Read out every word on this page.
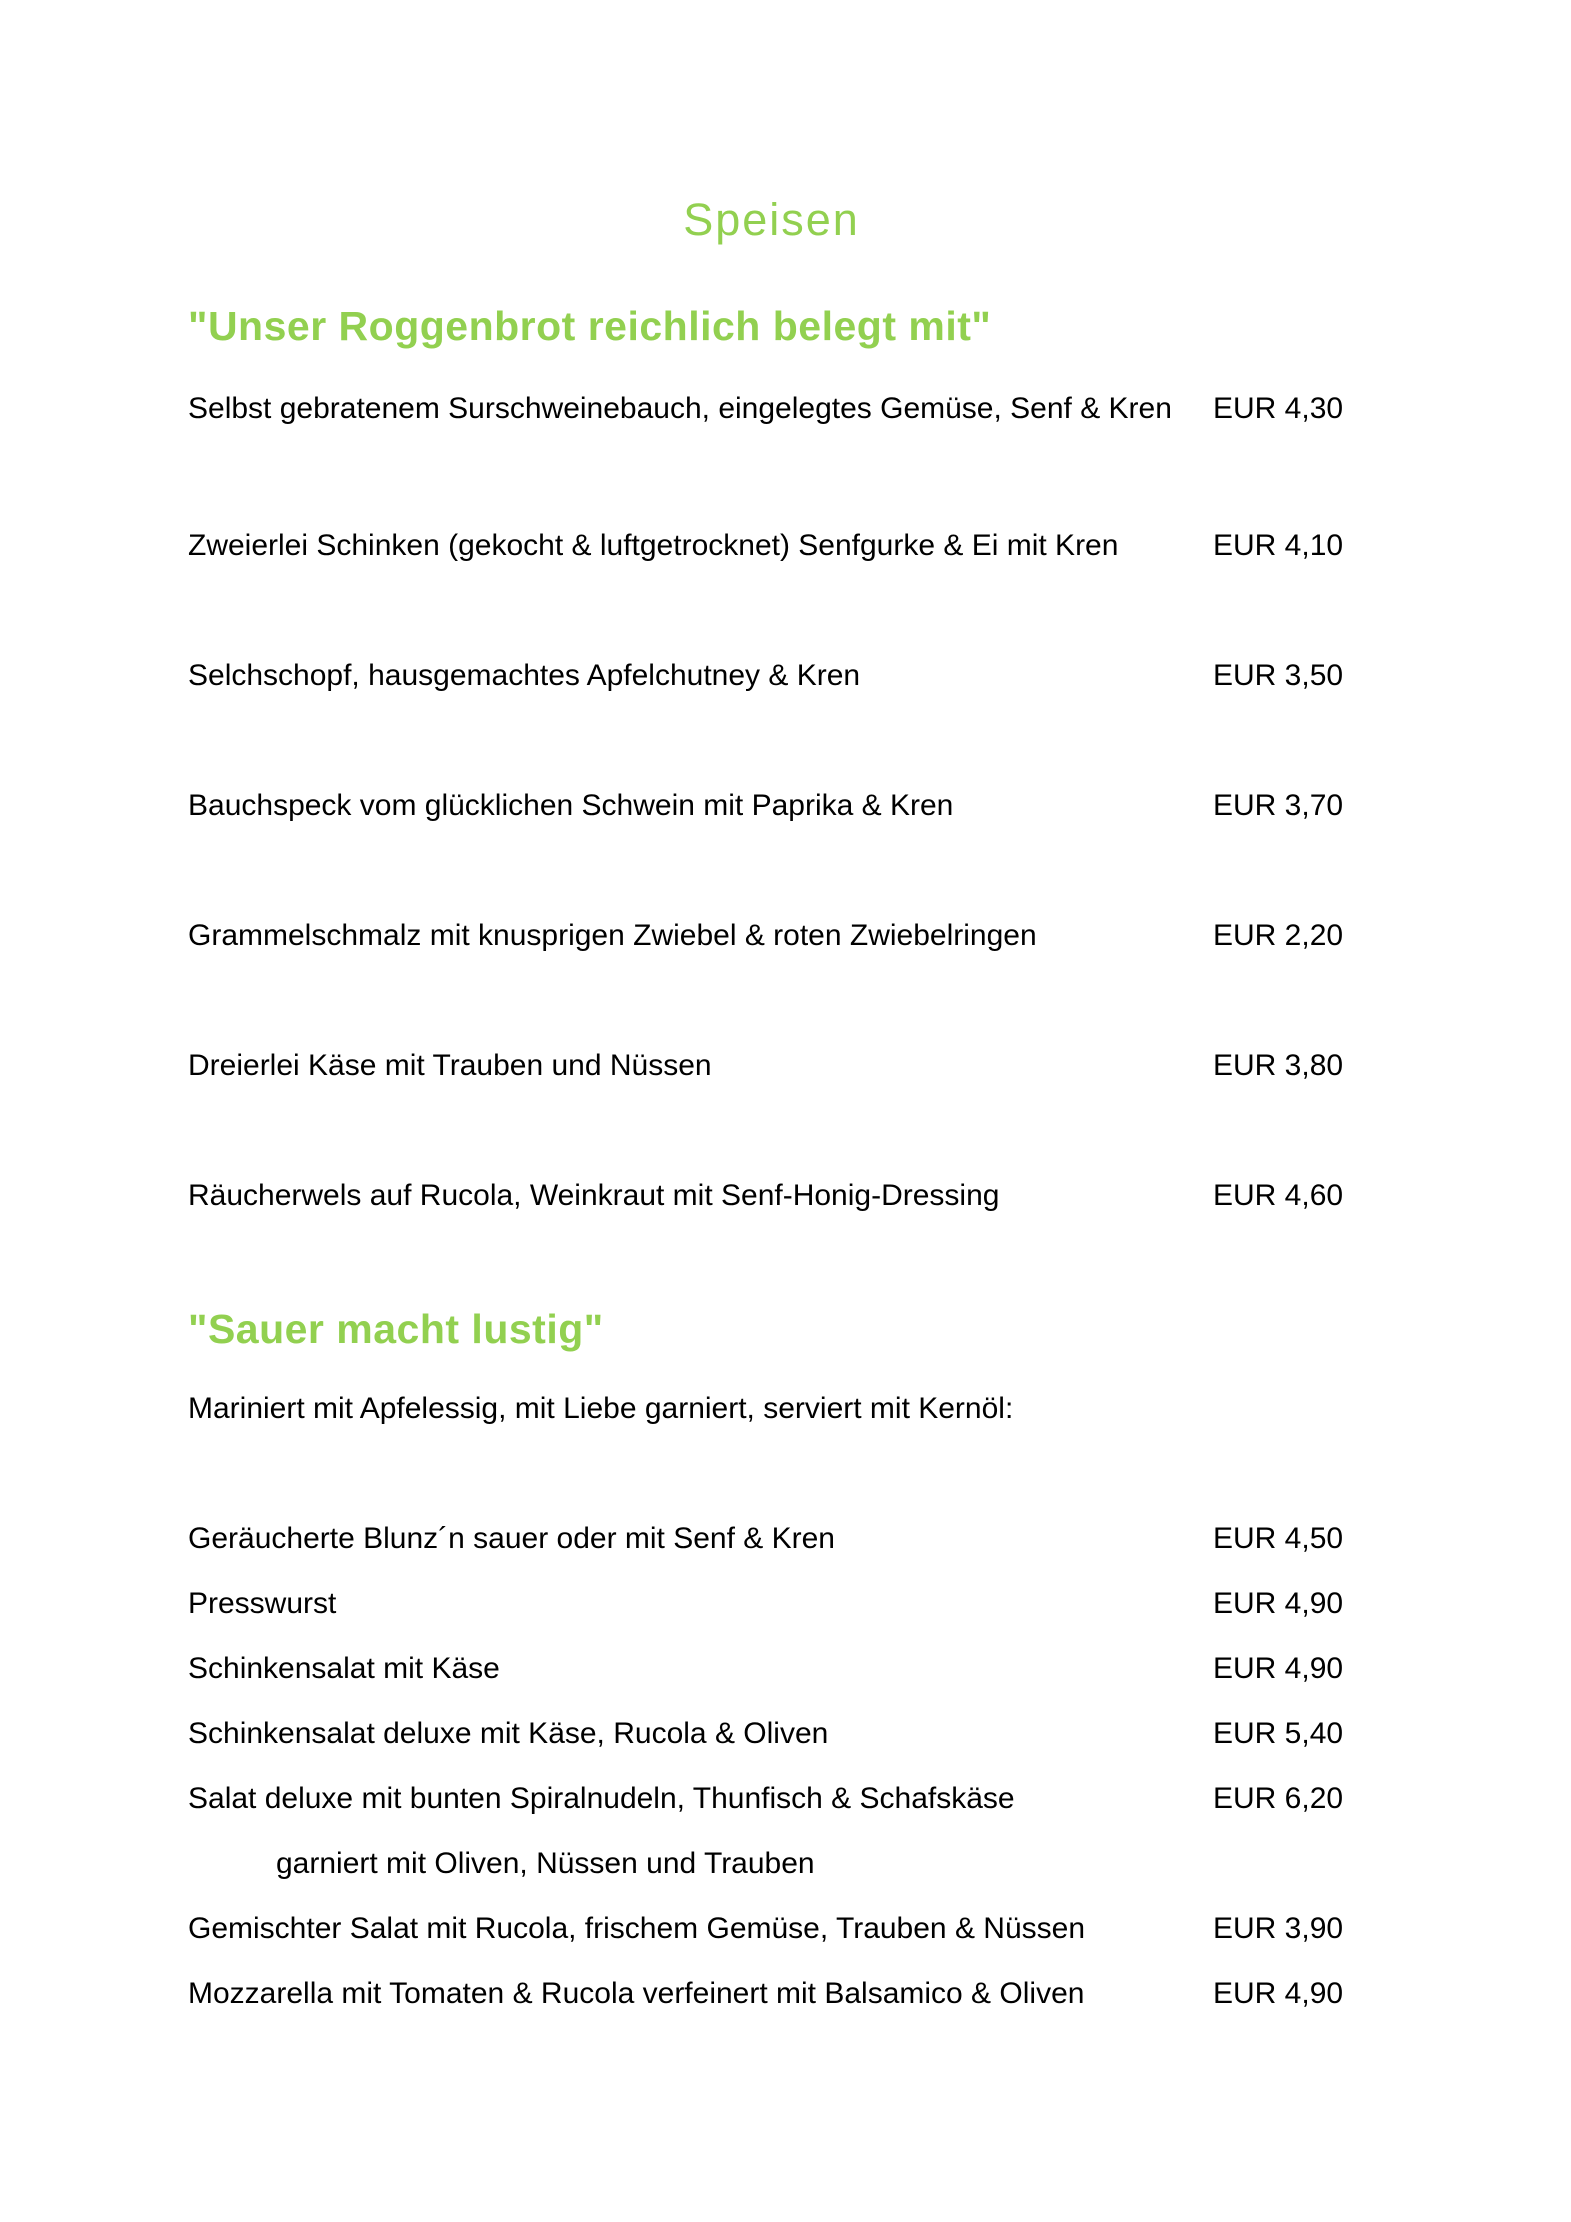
Speisen
"Unser Roggenbrot reichlich belegt mit"
Selbst gebratenem Surschweinebauch, eingelegtes Gemüse, Senf & Kren	EUR 4,30
Zweierlei Schinken (gekocht & luftgetrocknet) Senfgurke & Ei mit Kren	EUR 4,10
Selchschopf, hausgemachtes Apfelchutney & Kren	EUR 3,50
Bauchspeck vom glücklichen Schwein mit Paprika & Kren	EUR 3,70
Grammelschmalz mit knusprigen Zwiebel & roten Zwiebelringen	EUR 2,20
Dreierlei Käse mit Trauben und Nüssen	EUR 3,80
Räucherwels auf Rucola, Weinkraut mit Senf-Honig-Dressing	EUR 4,60
"Sauer macht lustig"

Mariniert mit Apfelessig, mit Liebe garniert, serviert mit Kernöl:

Geräucherte Blunz´n sauer oder mit Senf & Kren	EUR 4,50
Presswurst	EUR 4,90
Schinkensalat mit Käse	EUR 4,90
Schinkensalat deluxe mit Käse, Rucola & Oliven	EUR 5,40
Salat deluxe mit bunten Spiralnudeln, Thunfisch & Schafskäse	EUR 6,20
garniert mit Oliven, Nüssen und Trauben
Gemischter Salat mit Rucola, frischem Gemüse, Trauben & Nüssen	EUR 3,90
Mozzarella mit Tomaten & Rucola verfeinert mit Balsamico & Oliven	EUR 4,90
